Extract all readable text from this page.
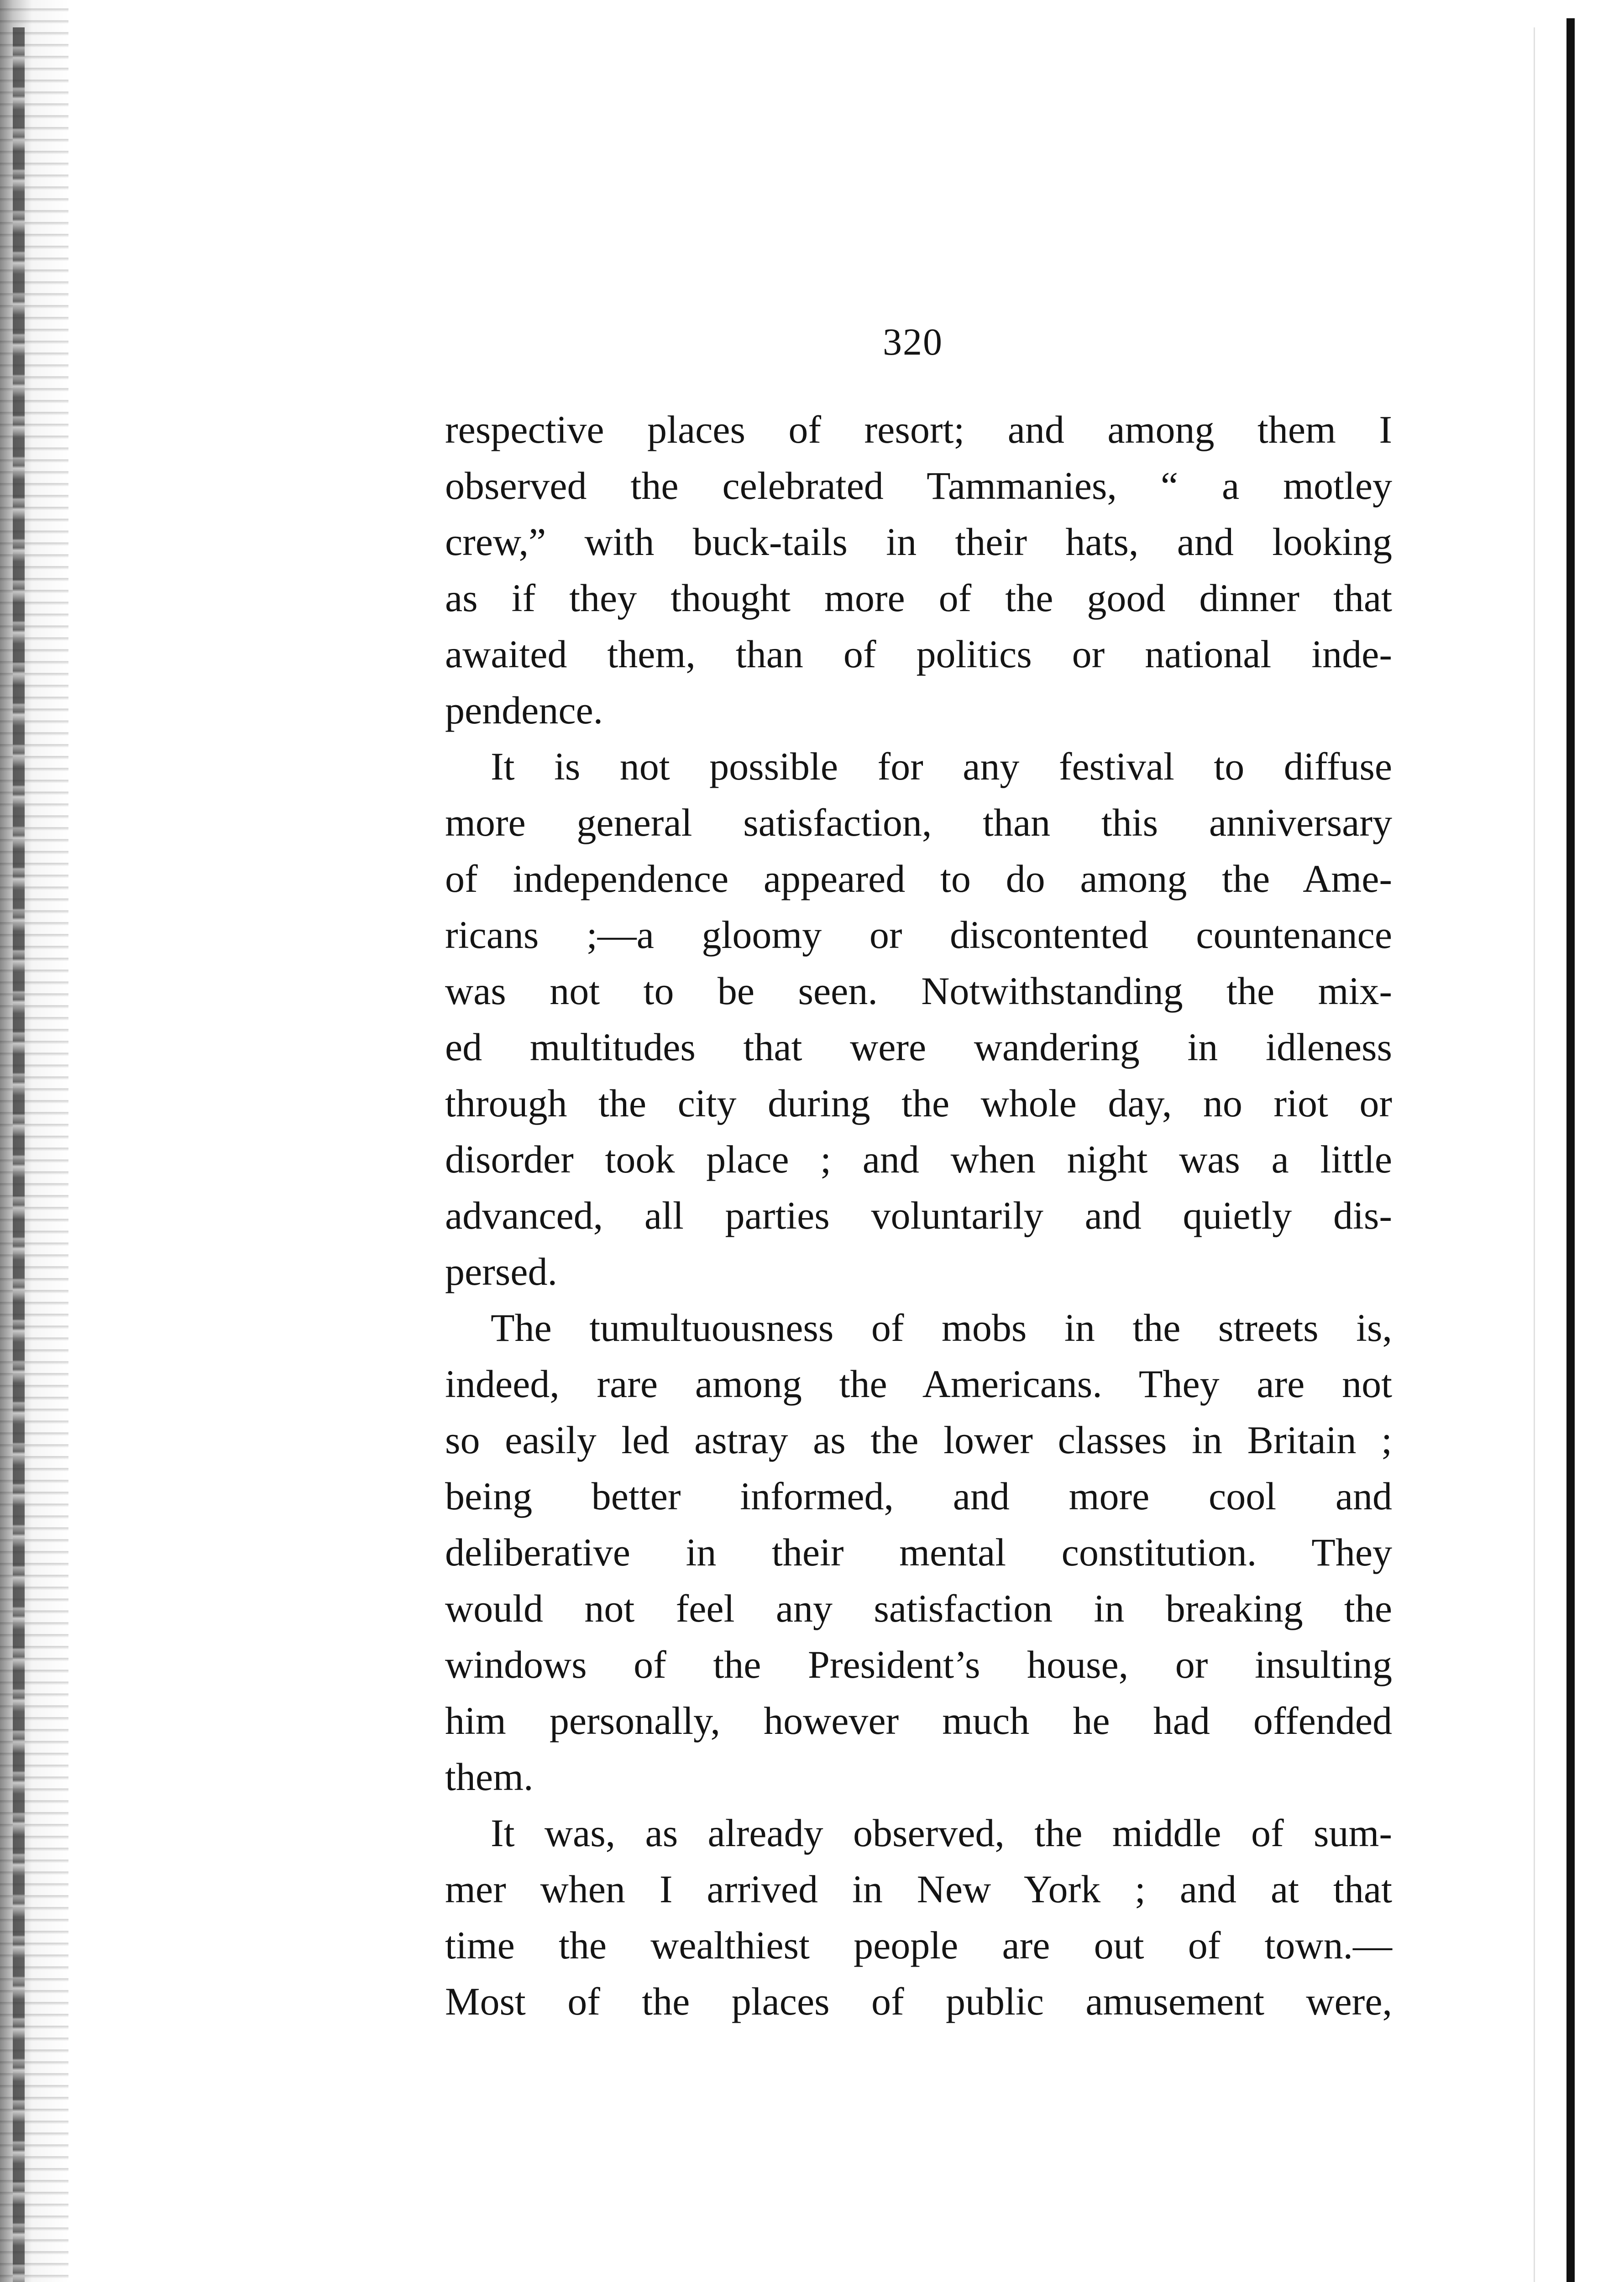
320

respective places of resort; and among them I
observed the celebrated Tammanies, “ a motley
crew,” with buck-tails in their hats, and looking
as if they thought more of the good dinner that
awaited them, than of politics or national inde-
pendence.

It is not possible for any festival to diffuse
more general satisfaction, than this anniversary
of independence appeared to do among the Ame-
ricans ;—a gloomy or discontented countenance
was not to be seen. Notwithstanding the mix-
ed multitudes that were wandering in idleness
through the city during the whole day, no riot or
disorder took place ; and when night was a little
advanced, all parties voluntarily and quietly dis-
persed.

The tumultuousness of mobs in the streets is,
indeed, rare among the Americans. They are not
so easily led astray as the lower classes in Britain ;
being better informed, and more cool and
deliberative in their mental constitution. They
would not feel any satisfaction in breaking the
windows of the President’s house, or insulting
him personally, however much he had offended
them.

It was, as already observed, the middle of sum-
mer when I arrived in New York ; and at that
time the wealthiest people are out of town.—
Most of the places of public amusement were,
